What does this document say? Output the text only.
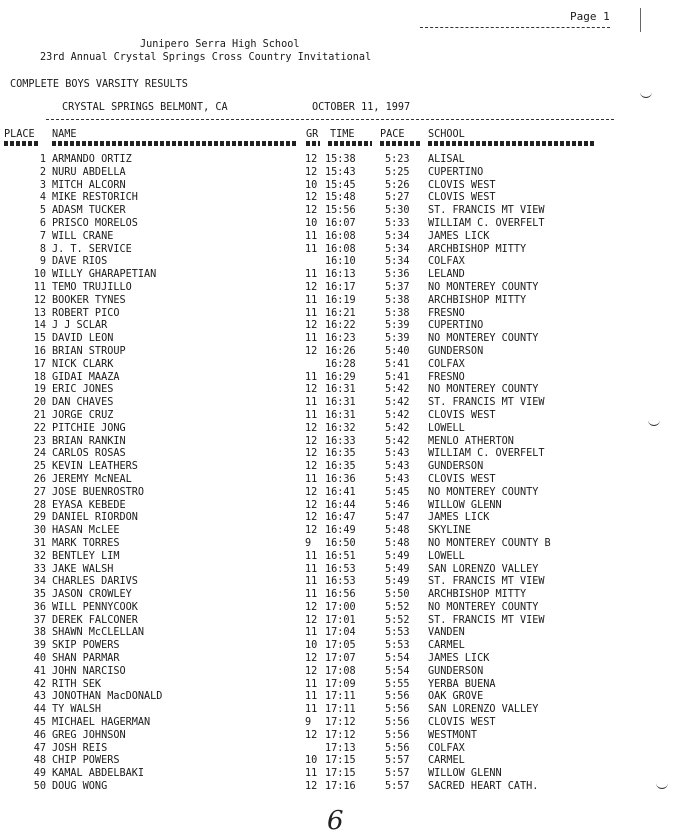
Page 1
Junipero Serra High School
23rd Annual Crystal Springs Cross Country Invitational
COMPLETE BOYS VARSITY RESULTS
CRYSTAL SPRINGS BELMONT, CA	OCTOBER 11, 1997
PLACE NAME	GR TIME PACE SCHOOL
1 ARMANDO ORTIZ	12 15:38	5:23 ALISAL
2 NURU ABDELLA	12 15:43	5:25 CUPERTINO
3 MITCH ALCORN	10 15:45	5:26 CLOVIS WEST
4 MIKE RESTORICH	12 15:48	5:27 CLOVIS WEST
5 ADASM TUCKER	12 15:56	5:30 ST. FRANCIS MT VIEW
6 PRISCO MORELOS	10 16:07	5:33 WILLIAM C. OVERFELT
7 WILL CRANE	11 16:08	5:34 JAMES LICK
8 J. T. SERVICE	11 16:08	5:34 ARCHBISHOP MITTY
9 DAVE RIOS	16:10	5:34 COLFAX
10 WILLY GHARAPETIAN	11 16:13	5:36 LELAND
11 TEMO TRUJILLO	12 16:17	5:37 NO MONTEREY COUNTY
12 BOOKER TYNES	11 16:19	5:38 ARCHBISHOP MITTY
13 ROBERT PICO	11 16:21	5:38 FRESNO
14 J J SCLAR	12 16:22	5:39 CUPERTINO
15 DAVID LEON	11 16:23	5:39 NO MONTEREY COUNTY
16 BRIAN STROUP	12 16:26	5:40 GUNDERSON
17 NICK CLARK	16:28	5:41 COLFAX
18 GIDAI MAAZA	11 16:29	5:41 FRESNO
19 ERIC JONES	12 16:31	5:42 NO MONTEREY COUNTY
20 DAN CHAVES	11 16:31	5:42 ST. FRANCIS MT VIEW
21 JORGE CRUZ	11 16:31	5:42 CLOVIS WEST
22 PITCHIE JONG	12 16:32	5:42 LOWELL
23 BRIAN RANKIN	12 16:33	5:42 MENLO ATHERTON
24 CARLOS ROSAS	12 16:35	5:43 WILLIAM C. OVERFELT
25 KEVIN LEATHERS	12 16:35	5:43 GUNDERSON
26 JEREMY McNEAL	11 16:36	5:43 CLOVIS WEST
27 JOSE BUENROSTRO	12 16:41	5:45 NO MONTEREY COUNTY
28 EYASA KEBEDE	12 16:44	5:46 WILLOW GLENN
29 DANIEL RIORDON	12 16:47	5:47 JAMES LICK
30 HASAN McLEE	12 16:49	5:48 SKYLINE
31 MARK TORRES	9 16:50	5:48 NO MONTEREY COUNTY B
32 BENTLEY LIM	11 16:51	5:49 LOWELL
33 JAKE WALSH	11 16:53	5:49 SAN LORENZO VALLEY
34 CHARLES DARIVS	11 16:53	5:49 ST. FRANCIS MT VIEW
35 JASON CROWLEY	11 16:56	5:50 ARCHBISHOP MITTY
36 WILL PENNYCOOK	12 17:00	5:52 NO MONTEREY COUNTY
37 DEREK FALCONER	12 17:01	5:52 ST. FRANCIS MT VIEW
38 SHAWN McCLELLAN	11 17:04	5:53 VANDEN
39 SKIP POWERS	10 17:05	5:53 CARMEL
40 SHAN PARMAR	12 17:07	5:54 JAMES LICK
41 JOHN NARCISO	12 17:08	5:54 GUNDERSON
42 RITH SEK	11 17:09	5:55 YERBA BUENA
43 JONOTHAN MacDONALD	11 17:11	5:56 OAK GROVE
44 TY WALSH	11 17:11	5:56 SAN LORENZO VALLEY
45 MICHAEL HAGERMAN	9 17:12	5:56 CLOVIS WEST
46 GREG JOHNSON	12 17:12	5:56 WESTMONT
47 JOSH REIS	17:13	5:56 COLFAX
48 CHIP POWERS	10 17:15	5:57 CARMEL
49 KAMAL ABDELBAKI	11 17:15	5:57 WILLOW GLENN
50 DOUG WONG	12 17:16	5:57 SACRED HEART CATH.
6
